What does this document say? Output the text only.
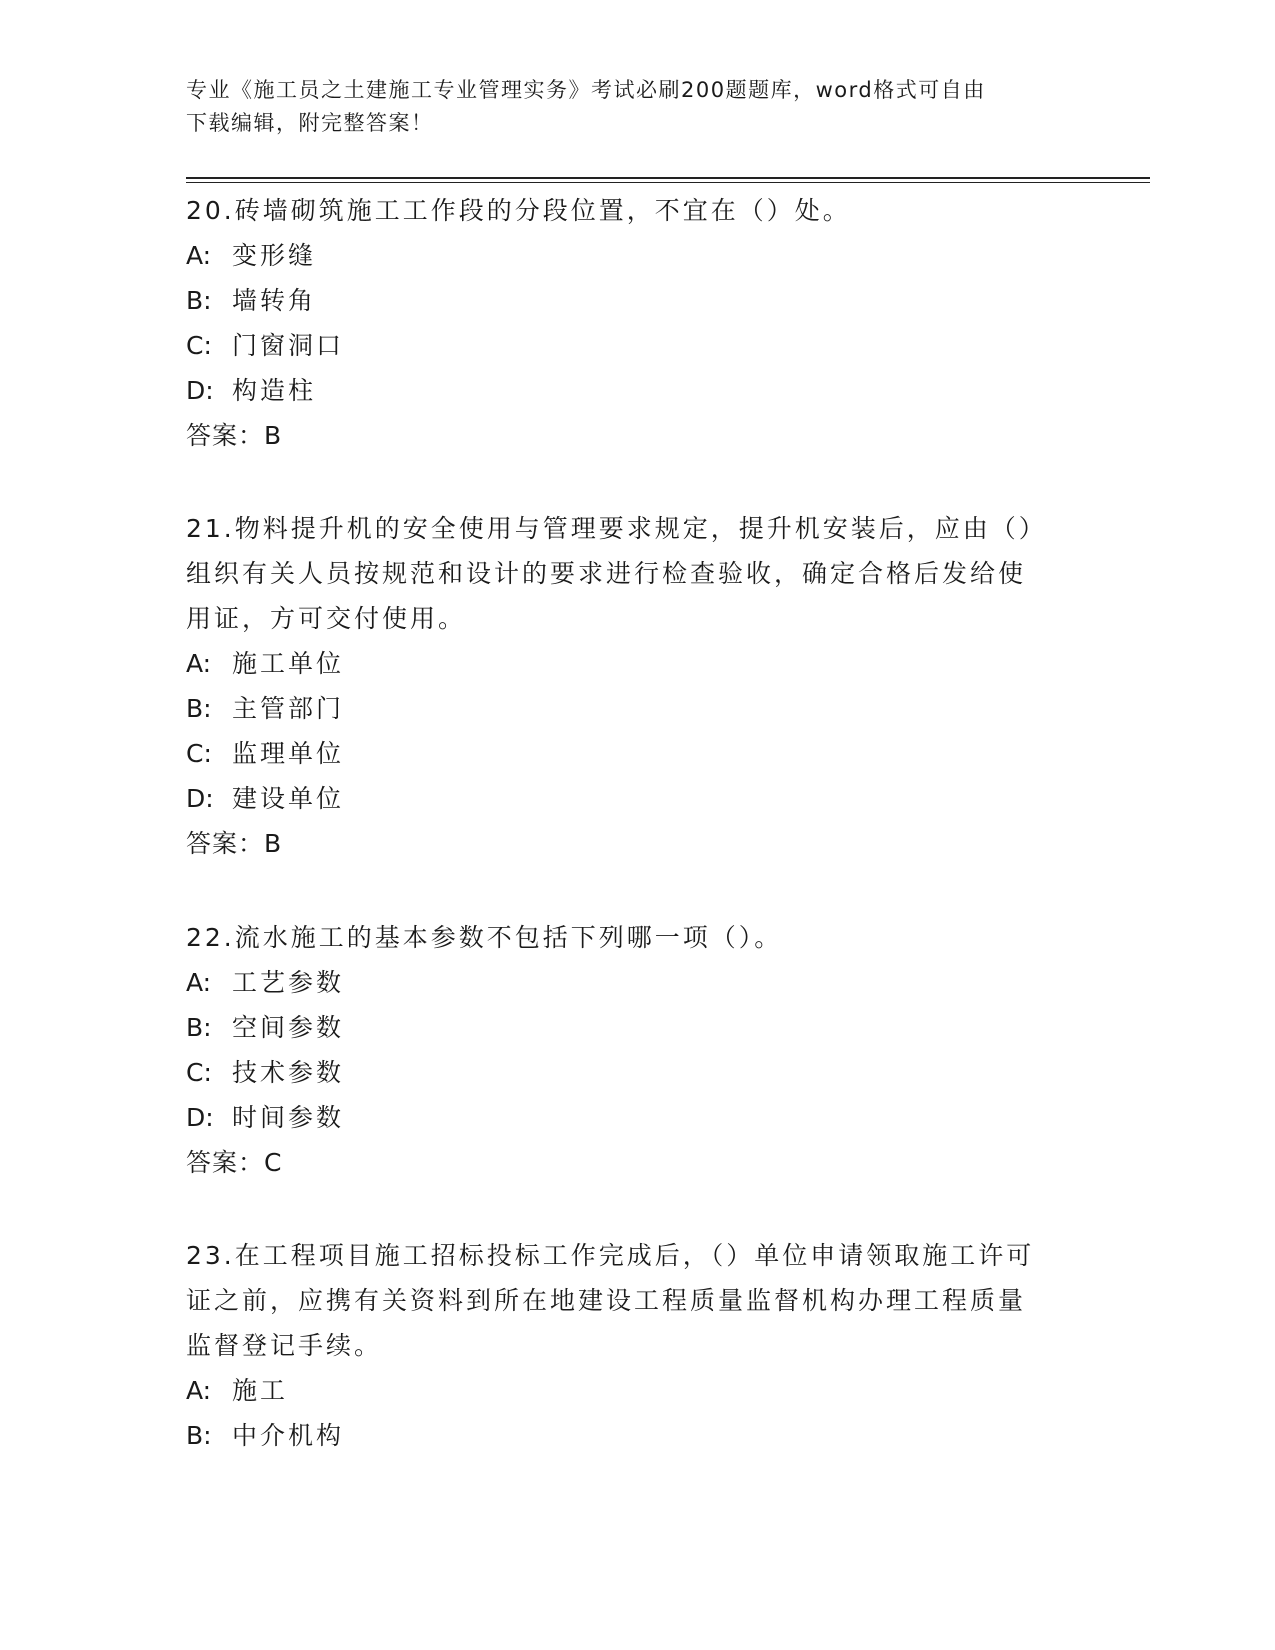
专业《施工员之土建施工专业管理实务》考试必刷200题题库，word格式可自由
下载编辑，附完整答案！
20.砖墙砌筑施工工作段的分段位置，不宜在（）处。
A: 变形缝
B: 墙转角
C: 门窗洞口
D: 构造柱
答案：B
21.物料提升机的安全使用与管理要求规定，提升机安装后，应由（）
组织有关人员按规范和设计的要求进行检查验收，确定合格后发给使
用证，方可交付使用。
A: 施工单位
B: 主管部门
C: 监理单位
D: 建设单位
答案：B
22.流水施工的基本参数不包括下列哪一项（）。
A: 工艺参数
B: 空间参数
C: 技术参数
D: 时间参数
答案：C
23.在工程项目施工招标投标工作完成后，（）单位申请领取施工许可
证之前，应携有关资料到所在地建设工程质量监督机构办理工程质量
监督登记手续。
A: 施工
B: 中介机构
